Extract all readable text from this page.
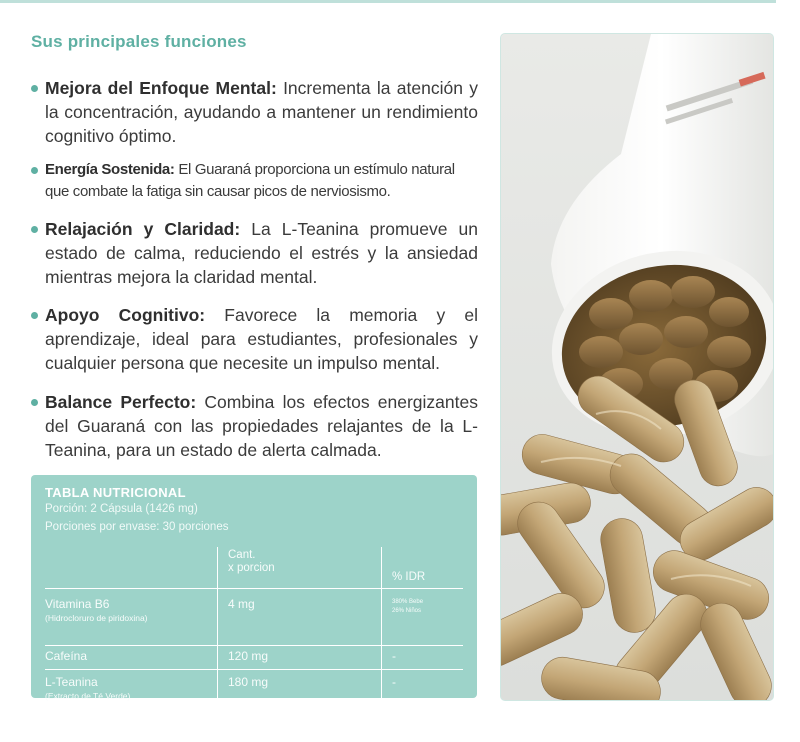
Sus principales funciones
Mejora del Enfoque Mental: Incrementa la atención y la concentración, ayudando a mantener un rendimiento cognitivo óptimo.
Energía Sostenida: El Guaraná proporciona un estímulo natural que combate la fatiga sin causar picos de nerviosismo.
Relajación y Claridad: La L-Teanina promueve un estado de calma, reduciendo el estrés y la ansiedad mientras mejora la claridad mental.
Apoyo Cognitivo: Favorece la memoria y el aprendizaje, ideal para estudiantes, profesionales y cualquier persona que necesite un impulso mental.
Balance Perfecto: Combina los efectos energizantes del Guaraná con las propiedades relajantes de la L-Teanina, para un estado de alerta calmada.
TABLA NUTRICIONAL
Porción: 2 Cápsula (1426 mg)
Porciones por envase: 30 porciones
	Cant.
x porcion	% IDR
Vitamina B6
(Hidrocloruro de piridoxina)	4 mg	380% Bebe
26% Niños

Cafeína	120 mg	-
L-Teanina
(Extracto de Té Verde)	180 mg	-
